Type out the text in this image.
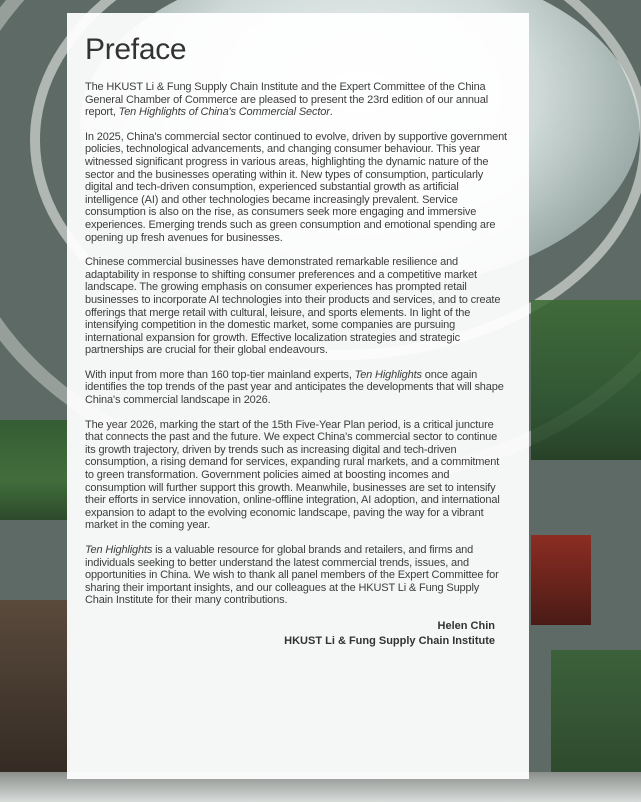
Preface

The HKUST Li & Fung Supply Chain Institute and the Expert Committee of the China General Chamber of Commerce are pleased to present the 23rd edition of our annual report, Ten Highlights of China's Commercial Sector.

In 2025, China's commercial sector continued to evolve, driven by supportive government policies, technological advancements, and changing consumer behaviour. This year witnessed significant progress in various areas, highlighting the dynamic nature of the sector and the businesses operating within it. New types of consumption, particularly digital and tech-driven consumption, experienced substantial growth as artificial intelligence (AI) and other technologies became increasingly prevalent. Service consumption is also on the rise, as consumers seek more engaging and immersive experiences. Emerging trends such as green consumption and emotional spending are opening up fresh avenues for businesses.

Chinese commercial businesses have demonstrated remarkable resilience and adaptability in response to shifting consumer preferences and a competitive market landscape. The growing emphasis on consumer experiences has prompted retail businesses to incorporate AI technologies into their products and services, and to create offerings that merge retail with cultural, leisure, and sports elements. In light of the intensifying competition in the domestic market, some companies are pursuing international expansion for growth. Effective localization strategies and strategic partnerships are crucial for their global endeavours.

With input from more than 160 top-tier mainland experts, Ten Highlights once again identifies the top trends of the past year and anticipates the developments that will shape China's commercial landscape in 2026.

The year 2026, marking the start of the 15th Five-Year Plan period, is a critical juncture that connects the past and the future. We expect China's commercial sector to continue its growth trajectory, driven by trends such as increasing digital and tech-driven consumption, a rising demand for services, expanding rural markets, and a commitment to green transformation. Government policies aimed at boosting incomes and consumption will further support this growth. Meanwhile, businesses are set to intensify their efforts in service innovation, online-offline integration, AI adoption, and international expansion to adapt to the evolving economic landscape, paving the way for a vibrant market in the coming year.

Ten Highlights is a valuable resource for global brands and retailers, and firms and individuals seeking to better understand the latest commercial trends, issues, and opportunities in China. We wish to thank all panel members of the Expert Committee for sharing their important insights, and our colleagues at the HKUST Li & Fung Supply Chain Institute for their many contributions.

Helen Chin
HKUST Li & Fung Supply Chain Institute
